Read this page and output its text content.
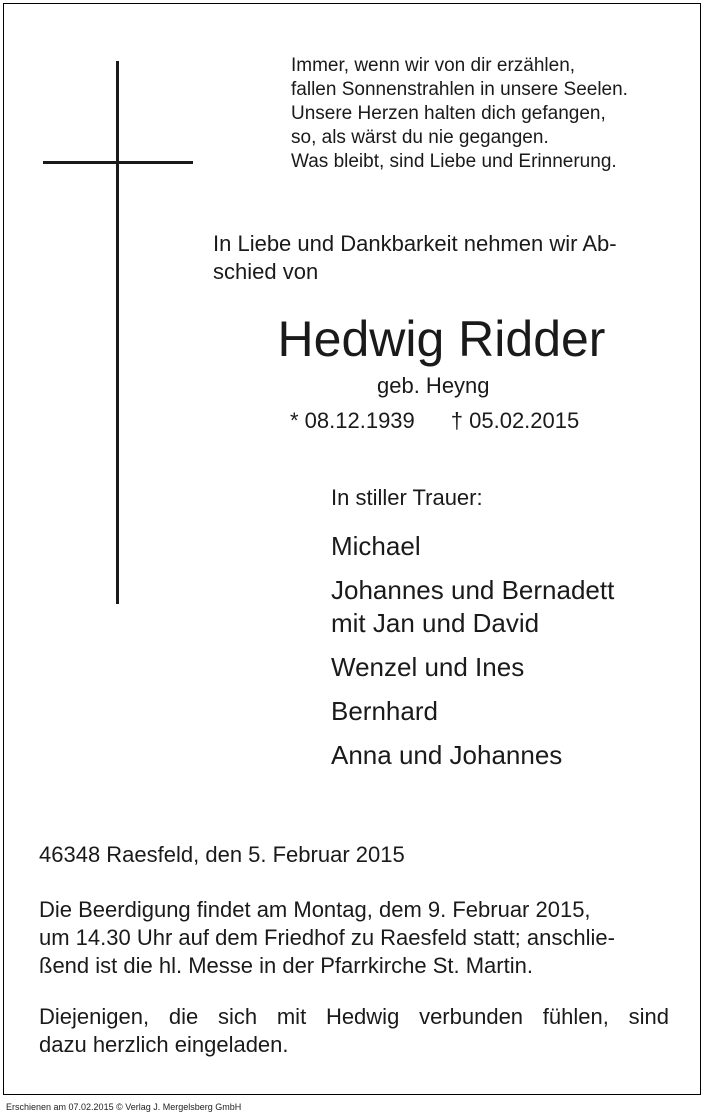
Immer, wenn wir von dir erzählen,
fallen Sonnenstrahlen in unsere Seelen.
Unsere Herzen halten dich gefangen,
so, als wärst du nie gegangen.
Was bleibt, sind Liebe und Erinnerung.
In Liebe und Dankbarkeit nehmen wir Ab-
schied von
Hedwig Ridder
geb. Heyng
* 08.12.1939 † 05.02.2015
In stiller Trauer:
Michael
Johannes und Bernadett
mit Jan und David
Wenzel und Ines
Bernhard
Anna und Johannes
46348 Raesfeld, den 5. Februar 2015
Die Beerdigung findet am Montag, dem 9. Februar 2015,
um 14.30 Uhr auf dem Friedhof zu Raesfeld statt; anschlie-
ßend ist die hl. Messe in der Pfarrkirche St. Martin.
Diejenigen, die sich mit Hedwig verbunden fühlen, sind
dazu herzlich eingeladen.
Erschienen am 07.02.2015 © Verlag J. Mergelsberg GmbH
